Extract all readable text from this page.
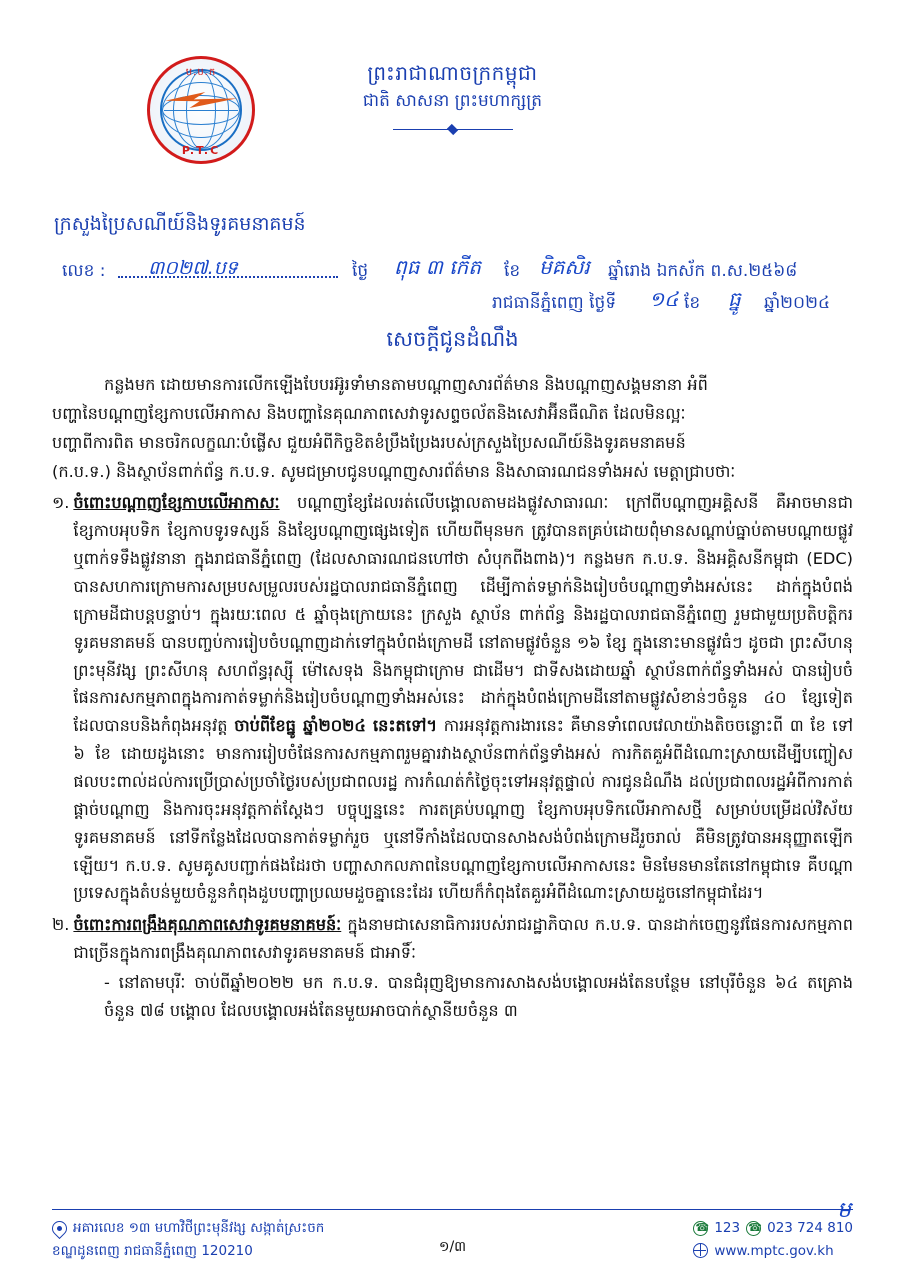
ព្រះរាជាណាចក្រកម្ពុជា
ជាតិ សាសនា ព្រះមហាក្សត្រ
ប.ប.ក
P.T.C
ក្រសួងប្រៃសណីយ៍និងទូរគមនាគមន៍
លេខ : ៣០២៧.បទ	ថ្ងៃ ពុធ ៣ កើត ខែ មិគសិរ ឆ្នាំរោង ឯកស័ក ព.ស.២៥៦៨
រាជធានីភ្នំពេញ ថ្ងៃទី ១៤ ខែ ធ្នូ ឆ្នាំ២០២៤
សេចក្តីជូនដំណឹង
កន្លងមក ដោយមានការលើកឡើងបែបរអ៊ូរទាំមានតាមបណ្តាញសារព័ត៌មាន និងបណ្តាញសង្គមនានា អំពី
បញ្ហានៃបណ្តាញខ្សែកាបលើអាកាស និងបញ្ហានៃគុណភាពសេវាទូរសព្ទចល័តនិងសេវាអ៊ីនធឺណិត ដែលមិនល្អៈ
បញ្ហាពីការពិត មានចរិកលក្ខណៈបំផ្លើស ជួយអំពីកិច្ចខិតខំប្រឹងប្រែងរបស់ក្រសួងប្រៃសណីយ៍និងទូរគមនាគមន៍
(ក.ប.ទ.) និងស្ថាប័នពាក់ព័ន្ធ ក.ប.ទ. សូមជម្រាបជូនបណ្តាញសារព័ត៌មាន និងសាធារណជនទាំងអស់ មេត្តាជ្រាបថាៈ
១. ចំពោះបណ្តាញខ្សែកាបលើអាកាសៈ បណ្តាញខ្សែដែលរត់លើបង្គោលតាមដងផ្លូវសាធារណៈ ក្រៅពីបណ្តាញអគ្គិសនី គឺអាចមានជា ខ្សែកាបអុបទិក ខ្សែកាបទូរទស្សន៍ និងខ្សែបណ្តាញផ្សេងទៀត ហើយពីមុនមក ត្រូវបានតគ្រប់ដោយពុំមានសណ្តាប់ធ្នាប់តាមបណ្តាយផ្លូវ ឬពាក់ទទឹងផ្លូវនានា ក្នុងរាជធានីភ្នំពេញ (ដែលសាធារណជនហៅថា សំបុកពីងពាង)។ កន្លងមក ក.ប.ទ. និងអគ្គិសនីកម្ពុជា (EDC) បានសហការក្រោមការសម្របសម្រួលរបស់រដ្ឋបាលរាជធានីភ្នំពេញ ដើម្បីកាត់ទម្លាក់និងរៀបចំបណ្តាញទាំងអស់នេះ ដាក់ក្នុងបំពង់ក្រោមដីជាបន្តបន្ទាប់។ ក្នុងរយៈពេល ៥ ឆ្នាំចុងក្រោយនេះ ក្រសួង ស្ថាប័ន ពាក់ព័ន្ធ និងរដ្ឋបាលរាជធានីភ្នំពេញ រួមជាមួយប្រតិបត្តិករទូរគមនាគមន៍ បានបញ្ចប់ការរៀបចំបណ្តាញដាក់ទៅក្នុងបំពង់ក្រោមដី នៅតាមផ្លូវចំនួន ១៦ ខ្សែ ក្នុងនោះមានផ្លូវធំៗ ដូចជា ព្រះសីហនុ ព្រះមុនីវង្ស ព្រះសីហនុ សហព័ន្ធរុស្ស៊ី ម៉ៅសេទុង និងកម្ពុជាក្រោម ជាដើម។ ជាទីសងដោយឆ្នាំ ស្ថាប័នពាក់ព័ន្ធទាំងអស់ បានរៀបចំផែនការសកម្មភាពក្នុងការកាត់ទម្លាក់និងរៀបចំបណ្តាញទាំងអស់នេះ ដាក់ក្នុងបំពង់ក្រោមដីនៅតាមផ្លូវសំខាន់ៗចំនួន ៤០ ខ្សែទៀត ដែលបានបនិងកំពុងអនុវត្ត ចាប់ពីខែធ្នូ ឆ្នាំ២០២៤ នេះតទៅ។ ការអនុវត្តការងារនេះ គឺមានទាំពេលវេលាយ៉ាងតិចចន្លោះពី ៣ ខែ ទៅ ៦ ខែ ដោយដូងនោះ មានការរៀបចំផែនការសកម្មភាពរួមគ្នារវាងស្ថាប័នពាក់ព័ន្ធទាំងអស់ ការកិតគួអំពីដំណោះស្រាយដើម្បីបញ្ចៀស ផលបះពាល់ដល់ការប្រើប្រាស់ប្រចាំថ្ងៃរបស់ប្រជាពលរដ្ឋ ការកំណត់កំថ្ងៃចុះទៅអនុវត្តផ្ទាល់ ការជូនដំណឹង ដល់ប្រជាពលរដ្ឋអំពីការកាត់ផ្តាច់បណ្តាញ និងការចុះអនុវត្តកាត់ស្តែងៗ បច្ចុប្បន្ននេះ ការតគ្រប់បណ្តាញ ខ្សែកាបអុបទិកលើអាកាសថ្មី សម្រាប់បម្រើដល់វិស័យទូរគមនាគមន៍ នៅទីកន្លែងដែលបានកាត់ទម្លាក់រួច ឬនៅទីកាំងដែលបានសាងសង់បំពង់ក្រោមដីរួចរាល់ គឺមិនត្រូវបានអនុញ្ញាតឡើកឡើយ។ ក.ប.ទ. សូមគូសបញ្ជាក់ផងដែរថា បញ្ហាសាកលភាពនៃបណ្តាញខ្សែកាបលើអាកាសនេះ មិនមែនមានតែនៅកម្ពុជាទេ គឺបណ្តាប្រទេសក្នុងតំបន់មួយចំនួនកំពុងដួបបញ្ហាប្រឈមដួចគ្នានេះដែរ ហើយក៏កំពុងតែគួរអំពីដំណោះស្រាយដួចនៅកម្ពុជាដែរ។
២. ចំពោះការពង្រឹងគុណភាពសេវាទូរគមនាគមន៍ៈ ក្នុងនាមជាសេនាធិការរបស់រាជរដ្ឋាភិបាល ក.ប.ទ. បានដាក់ចេញនូវផែនការសកម្មភាពជាច្រើនក្នុងការពង្រឹងគុណភាពសេវាទូរគមនាគមន៍ ជាអាទិ៍ៈ
- នៅតាមបុរីៈ ចាប់ពីឆ្នាំ២០២២ មក ក.ប.ទ. បានជំរុញឱ្យមានការសាងសង់បង្គោលអង់តែនបន្ថែម នៅបុរីចំនួន ៦៤ តគ្រោង ចំនួន ៧៨ បង្គោល ដែលបង្គោលអង់តែនមួយអាចបាក់ស្ថានីយចំនួន ៣
ម
អគារលេខ ១៣ មហាវិថីព្រះមុនីវង្ស សង្កាត់ស្រះចក
ខណ្ឌដូនពេញ រាជធានីភ្នំពេញ 120210
☎
123 ☎ 023 724 810
www.mptc.gov.kh
១/៣
